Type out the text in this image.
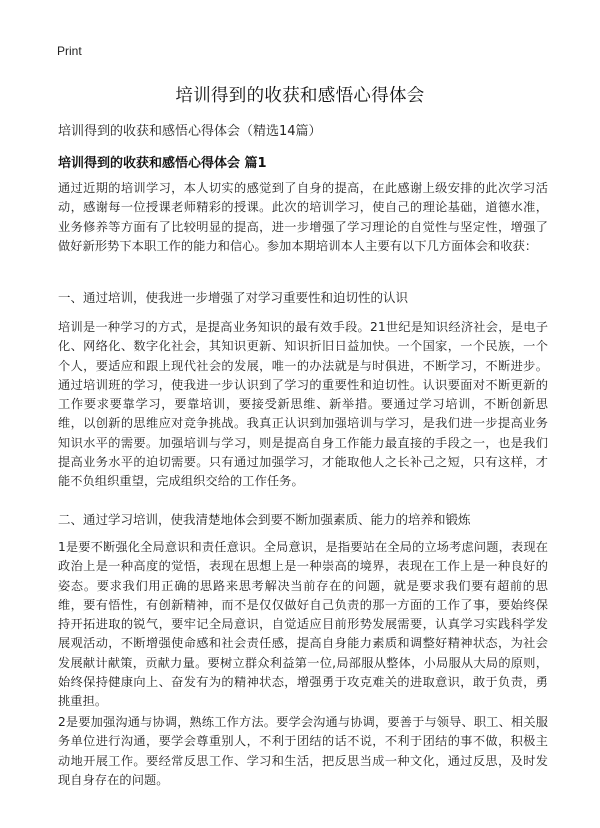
Print
培训得到的收获和感悟心得体会
培训得到的收获和感悟心得体会（精选14篇）
培训得到的收获和感悟心得体会 篇1
通过近期的培训学习，本人切实的感觉到了自身的提高，在此感谢上级安排的此次学习活动，感谢每一位授课老师精彩的授课。此次的培训学习，使自己的理论基础，道德水准，业务修养等方面有了比较明显的提高，进一步增强了学习理论的自觉性与坚定性，增强了做好新形势下本职工作的能力和信心。参加本期培训本人主要有以下几方面体会和收获：
一、通过培训，使我进一步增强了对学习重要性和迫切性的认识
培训是一种学习的方式，是提高业务知识的最有效手段。21世纪是知识经济社会，是电子化、网络化、数字化社会，其知识更新、知识折旧日益加快。一个国家，一个民族，一个个人，要适应和跟上现代社会的发展，唯一的办法就是与时俱进，不断学习，不断进步。通过培训班的学习，使我进一步认识到了学习的重要性和迫切性。认识要面对不断更新的工作要求要靠学习，要靠培训，要接受新思维、新举措。要通过学习培训，不断创新思维，以创新的思维应对竞争挑战。我真正认识到加强培训与学习，是我们进一步提高业务知识水平的需要。加强培训与学习，则是提高自身工作能力最直接的手段之一，也是我们提高业务水平的迫切需要。只有通过加强学习，才能取他人之长补己之短，只有这样，才能不负组织重望，完成组织交给的工作任务。
二、通过学习培训，使我清楚地体会到要不断加强素质、能力的培养和锻炼
1是要不断强化全局意识和责任意识。全局意识，是指要站在全局的立场考虑问题，表现在政治上是一种高度的觉悟，表现在思想上是一种崇高的境界，表现在工作上是一种良好的姿态。要求我们用正确的思路来思考解决当前存在的问题，就是要求我们要有超前的思维，要有悟性，有创新精神，而不是仅仅做好自己负责的那一方面的工作了事，要始终保持开拓进取的锐气，要牢记全局意识，自觉适应目前形势发展需要，认真学习实践科学发展观活动，不断增强使命感和社会责任感，提高自身能力素质和调整好精神状态，为社会发展献计献策，贡献力量。要树立群众利益第一位,局部服从整体，小局服从大局的原则，始终保持健康向上、奋发有为的精神状态，增强勇于攻克难关的进取意识，敢于负责，勇挑重担。
2是要加强沟通与协调，熟练工作方法。要学会沟通与协调，要善于与领导、职工、相关服务单位进行沟通，要学会尊重别人，不利于团结的话不说，不利于团结的事不做，积极主动地开展工作。要经常反思工作、学习和生活，把反思当成一种文化，通过反思，及时发现自身存在的问题。
